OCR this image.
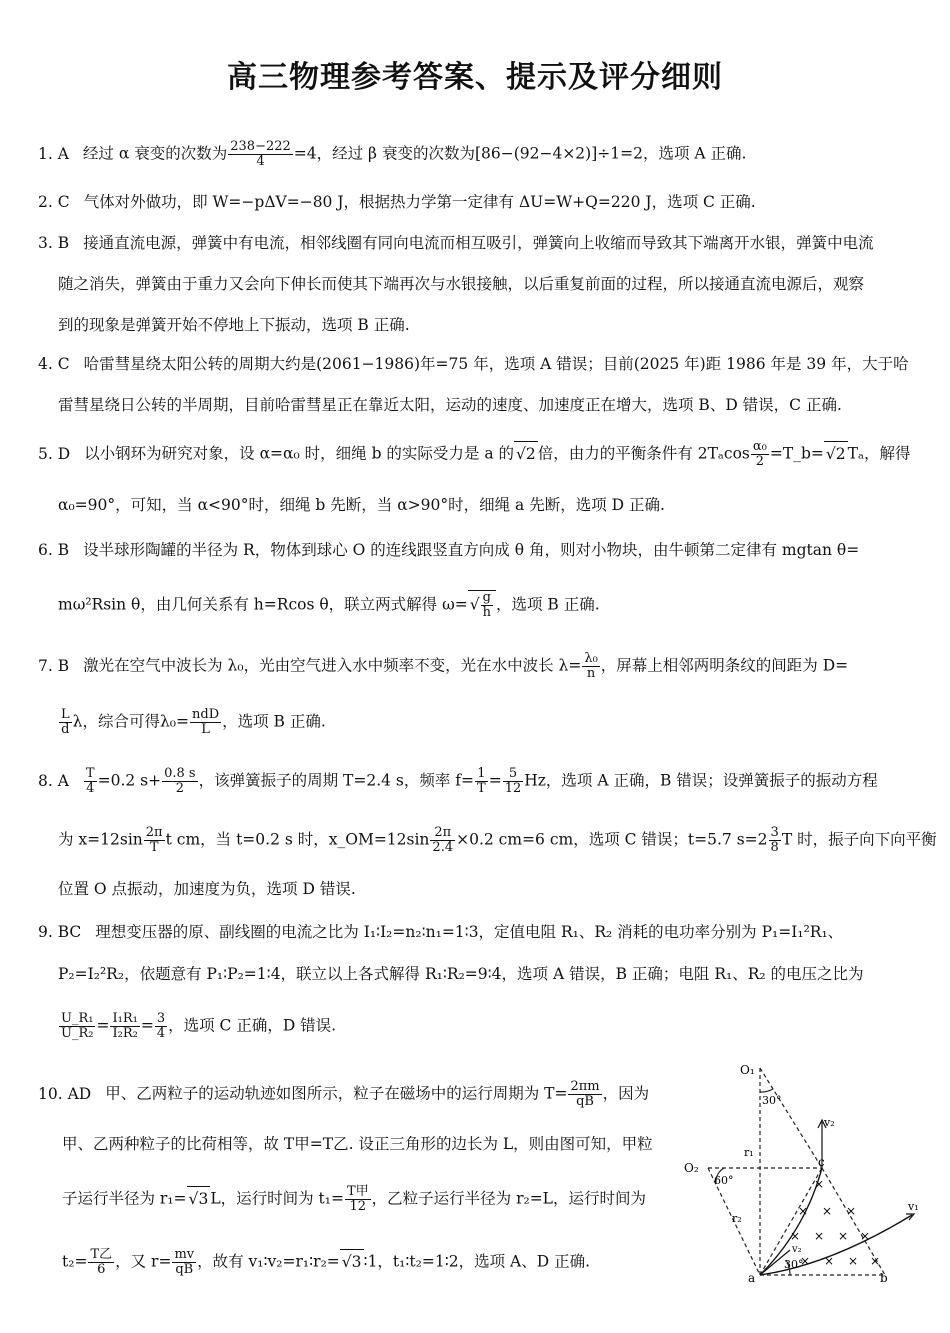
高三物理参考答案、提示及评分细则
1. A 经过 α 衰变的次数为 $\frac{238-222}{4} =4$，经过 β 衰变的次数为[86−(92−4×2)]÷1=2，选项 A 正确.
2. C 气体对外做功，即 W=−pΔV=−80 J，根据热力学第一定律有 ΔU=W+Q=220 J，选项 C 正确.
3. B 接通直流电源，弹簧中有电流，相邻线圈有同向电流而相互吸引，弹簧向上收缩而导致其下端离开水银，弹簧中电流
随之消失，弹簧由于重力又会向下伸长而使其下端再次与水银接触，以后重复前面的过程，所以接通直流电源后，观察
到的现象是弹簧开始不停地上下振动，选项 B 正确.
4. C 哈雷彗星绕太阳公转的周期大约是(2061−1986)年=75 年，选项 A 错误；目前(2025 年)距 1986 年是 39 年，大于哈
雷彗星绕日公转的半周期，目前哈雷彗星正在靠近太阳，运动的速度、加速度正在增大，选项 B、D 错误，C 正确.
5. D 以小钢环为研究对象，设 α=α₀ 时，细绳 b 的实际受力是 a 的 √2 倍，由力的平衡条件有 $2T_a\cos \frac{\text{α₀}}{2}$ =T_b= √2 Tₐ，解得
α₀=90°，可知，当 α<90°时，细绳 b 先断，当 α>90°时，细绳 a 先断，选项 D 正确.
6. B 设半球形陶罐的半径为 R，物体到球心 O 的连线跟竖直方向成 θ 角，则对小物块，由牛顿第二定律有 mgtan θ=
mω²Rsin θ，由几何关系有 h=Rcos θ，联立两式解得 ω= √ $\frac{g}{h}$ ，选项 B 正确.
7. B 激光在空气中波长为 λ₀，光由空气进入水中频率不变，光在水中波长 $\lambda= \frac{\text{λ₀}}{n}$ ，屏幕上相邻两明条纹的间距为 D=
$\frac{L}{d}$ λ，综合可得$\lambda_0= \frac{\text{ndD}}{L}$ ，选项 B 正确.
8. A $\frac{T}{4} =0.2$ $s+ \frac{0.8 s}{2}$ ，该弹簧振子的周期 T=2.4 s，频率 $f= \frac{1}{T} = \frac{5}{12}$ Hz，选项 A 正确，B 错误；设弹簧振子的振动方程
为 $x=12\sin \frac{2\pi}{T}$ t cm，当 t=0.2 s 时，x_OM=12sin $\frac{2\pi}{2.4} \times 0.2$ cm=6 cm，选项 C 错误；t=5.7 $s=2 \frac{3}{8}$ T 时，振子向下向平衡
位置 O 点振动，加速度为负，选项 D 错误.
9. BC 理想变压器的原、副线圈的电流之比为 I₁∶I₂=n₂∶n₁=1∶3，定值电阻 R₁、R₂ 消耗的电功率分别为 P₁=I₁²R₁、
P₂=I₂²R₂，依题意有 P₁∶P₂=1∶4，联立以上各式解得 R₁∶R₂=9∶4，选项 A 错误，B 正确；电阻 R₁、R₂ 的电压之比为
$\frac{\text{U\_R₁}}{\text{U\_R₂}} = \frac{\text{I₁R₁}}{\text{I₂R₂}} = \frac{3}{4}$ ，选项 C 正确，D 错误.
10. AD 甲、乙两粒子的运动轨迹如图所示，粒子在磁场中的运行周期为 $T= \frac{2\pi m}{qB}$ ，因为
甲、乙两种粒子的比荷相等，故 T甲=T乙. 设正三角形的边长为 L，则由图可知，甲粒
子运行半径为 r₁= √3 L，运行时间为 $t_1= \frac{\text{T甲}}{12}$ ，乙粒子运行半径为 r₂=L，运行时间为
$t_2= \frac{\text{T乙}}{6}$ ，又 $r= \frac{mv}{qB}$ ，故有 v₁∶v₂=r₁∶r₂= √3 ∶1，t₁∶t₂=1∶2，选项 A、D 正确.
O₁
O₂
a	b
c
v₁
v₂
v₂
r₁
r₂
30°
60°
30°
×
× × ×
× × × ×
× × × ×
